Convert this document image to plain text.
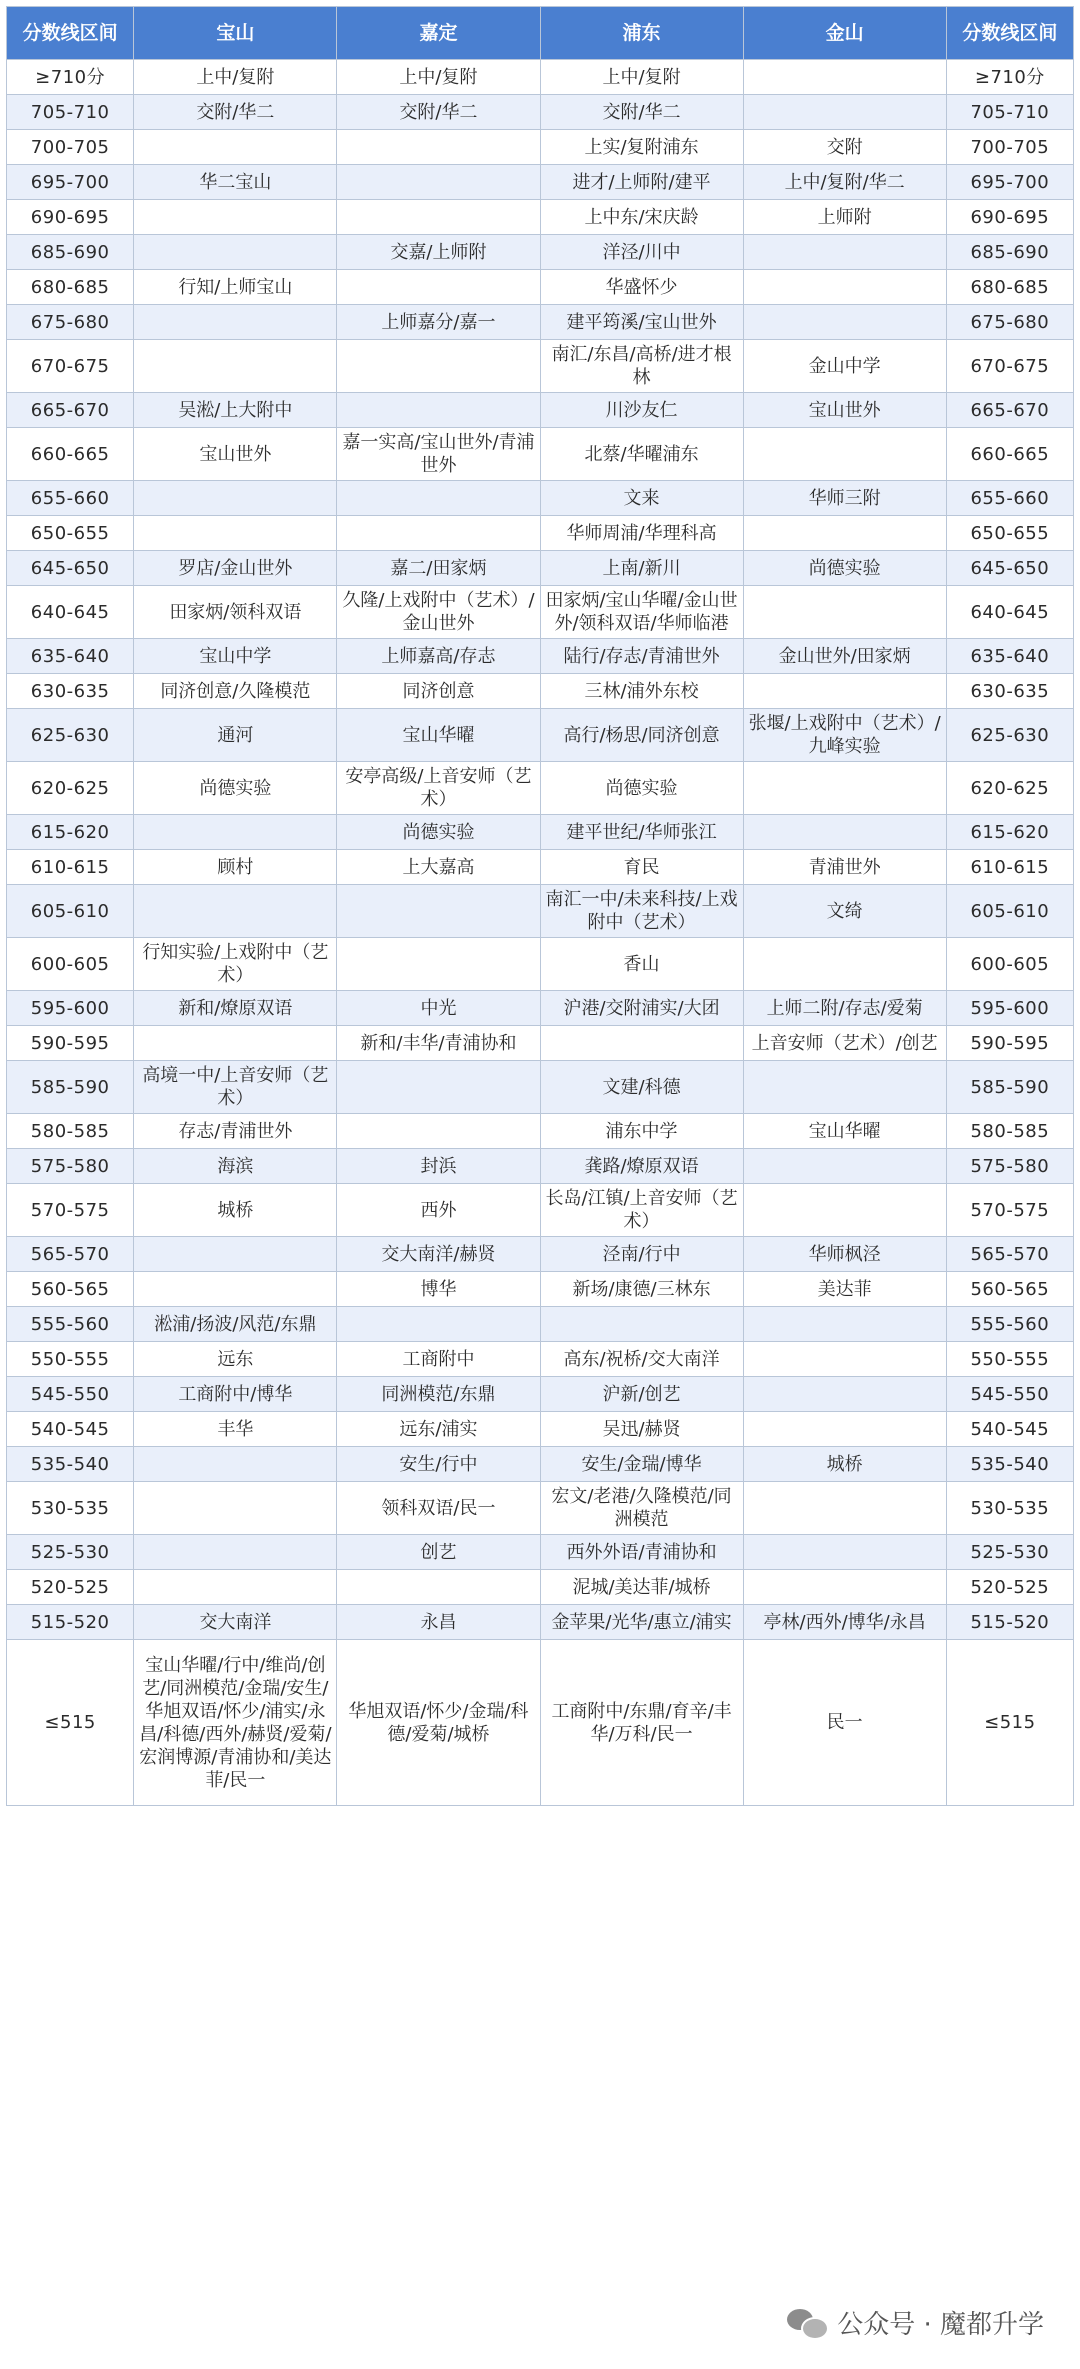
分数线区间	宝山	嘉定	浦东	金山	分数线区间
≥710分	上中/复附	上中/复附	上中/复附		≥710分
705-710	交附/华二	交附/华二	交附/华二		705-710
700-705			上实/复附浦东	交附	700-705
695-700	华二宝山		进才/上师附/建平	上中/复附/华二	695-700
690-695			上中东/宋庆龄	上师附	690-695
685-690		交嘉/上师附	洋泾/川中		685-690
680-685	行知/上师宝山		华盛怀少		680-685
675-680		上师嘉分/嘉一	建平筠溪/宝山世外		675-680
670-675			南汇/东昌/高桥/进才根林	金山中学	670-675
665-670	吴淞/上大附中		川沙友仁	宝山世外	665-670
660-665	宝山世外	嘉一实高/宝山世外/青浦世外	北蔡/华曜浦东		660-665
655-660			文来	华师三附	655-660
650-655			华师周浦/华理科高		650-655
645-650	罗店/金山世外	嘉二/田家炳	上南/新川	尚德实验	645-650
640-645	田家炳/领科双语	久隆/上戏附中（艺术）/金山世外	田家炳/宝山华曜/金山世外/领科双语/华师临港		640-645
635-640	宝山中学	上师嘉高/存志	陆行/存志/青浦世外	金山世外/田家炳	635-640
630-635	同济创意/久隆模范	同济创意	三林/浦外东校		630-635
625-630	通河	宝山华曜	高行/杨思/同济创意	张堰/上戏附中（艺术）/九峰实验	625-630
620-625	尚德实验	安亭高级/上音安师（艺术）	尚德实验		620-625
615-620		尚德实验	建平世纪/华师张江		615-620
610-615	顾村	上大嘉高	育民	青浦世外	610-615
605-610			南汇一中/未来科技/上戏附中（艺术）	文绮	605-610
600-605	行知实验/上戏附中（艺术）		香山		600-605
595-600	新和/燎原双语	中光	沪港/交附浦实/大团	上师二附/存志/爱菊	595-600
590-595		新和/丰华/青浦协和		上音安师（艺术）/创艺	590-595
585-590	高境一中/上音安师（艺术）		文建/科德		585-590
580-585	存志/青浦世外		浦东中学	宝山华曜	580-585
575-580	海滨	封浜	龚路/燎原双语		575-580
570-575	城桥	西外	长岛/江镇/上音安师（艺术）		570-575
565-570		交大南洋/赫贤	泾南/行中	华师枫泾	565-570
560-565		博华	新场/康德/三林东	美达菲	560-565
555-560	淞浦/扬波/风范/东鼎				555-560
550-555	远东	工商附中	高东/祝桥/交大南洋		550-555
545-550	工商附中/博华	同洲模范/东鼎	沪新/创艺		545-550
540-545	丰华	远东/浦实	吴迅/赫贤		540-545
535-540		安生/行中	安生/金瑞/博华	城桥	535-540
530-535		领科双语/民一	宏文/老港/久隆模范/同洲模范		530-535
525-530		创艺	西外外语/青浦协和		525-530
520-525			泥城/美达菲/城桥		520-525
515-520	交大南洋	永昌	金苹果/光华/惠立/浦实	亭林/西外/博华/永昌	515-520
≤515	宝山华曜/行中/维尚/创艺/同洲模范/金瑞/安生/华旭双语/怀少/浦实/永昌/科德/西外/赫贤/爱菊/宏润博源/青浦协和/美达菲/民一	华旭双语/怀少/金瑞/科德/爱菊/城桥	工商附中/东鼎/育辛/丰华/万科/民一	民一	≤515
公众号 · 魔都升学
